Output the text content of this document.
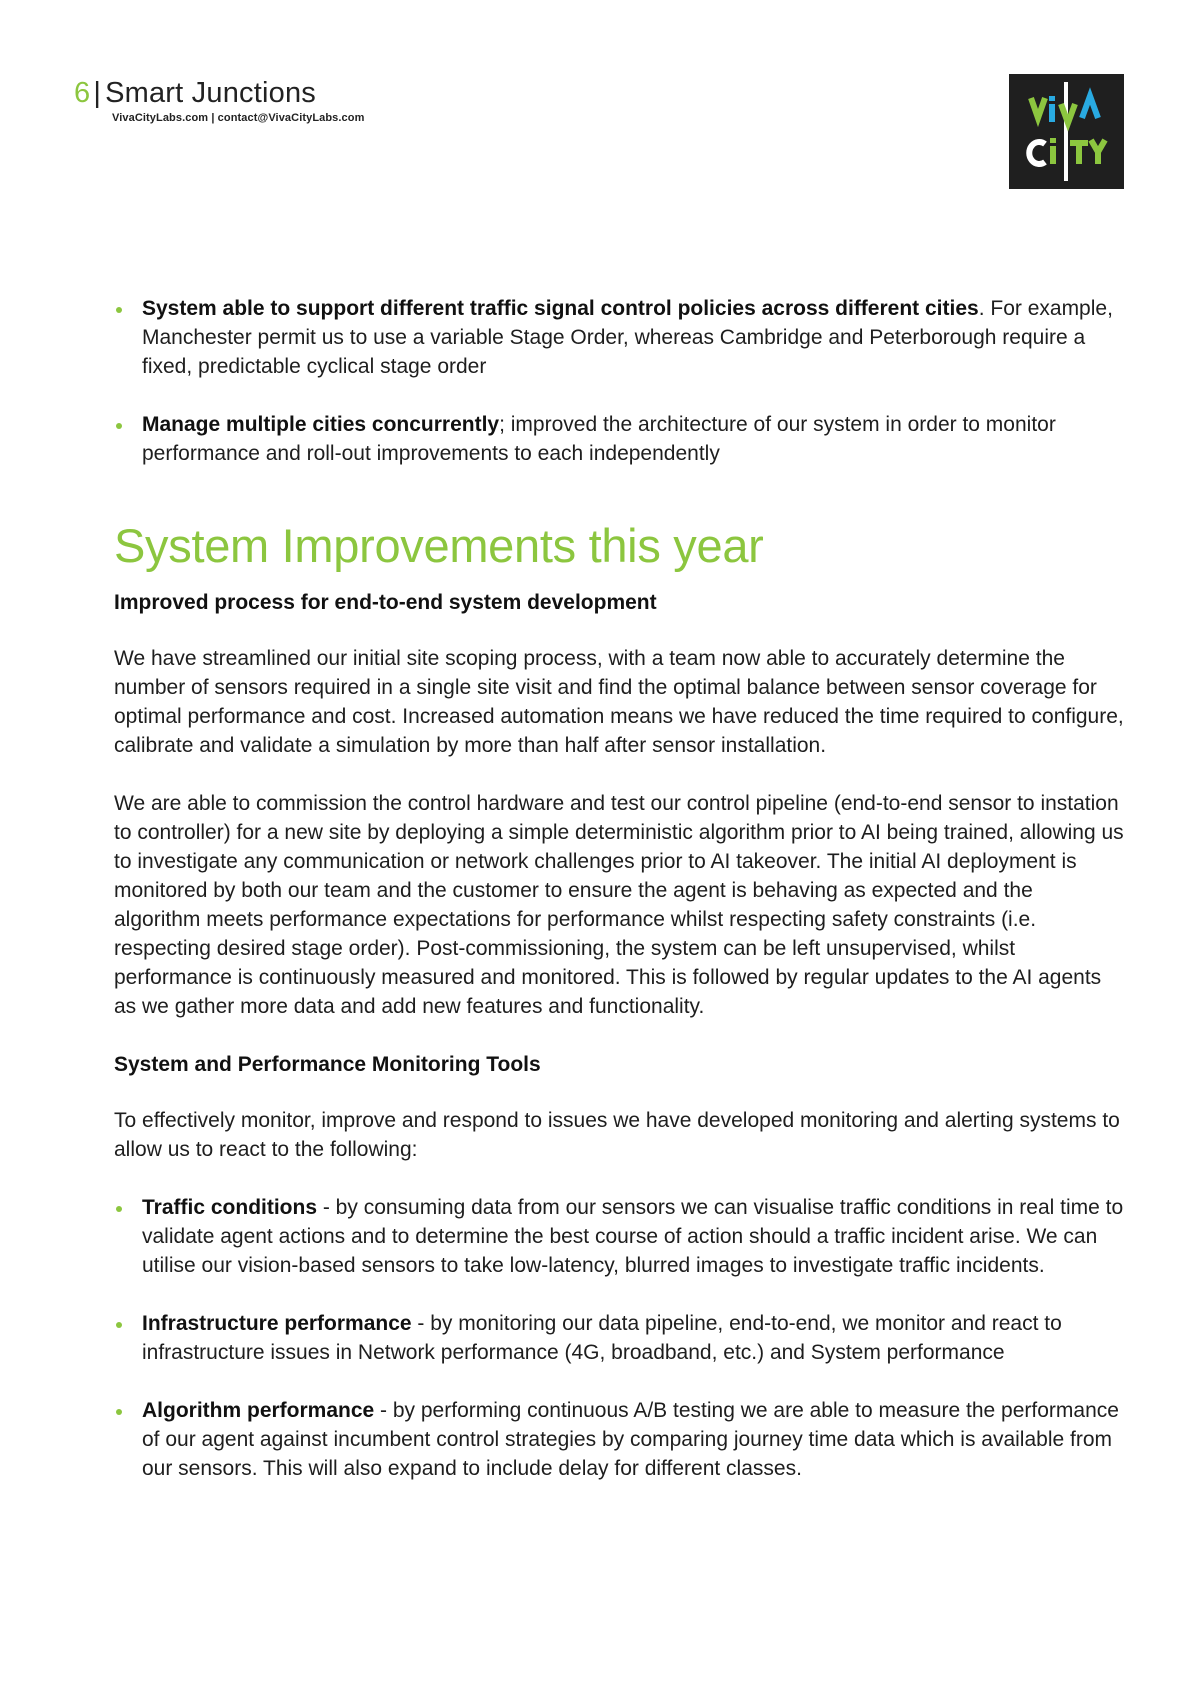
6 | Smart Junctions
VivaCityLabs.com | contact@VivaCityLabs.com
System able to support different traffic signal control policies across different cities. For example, Manchester permit us to use a variable Stage Order, whereas Cambridge and Peterborough require a fixed, predictable cyclical stage order
Manage multiple cities concurrently; improved the architecture of our system in order to monitor performance and roll-out improvements to each independently
System Improvements this year
Improved process for end-to-end system development

We have streamlined our initial site scoping process, with a team now able to accurately determine the number of sensors required in a single site visit and find the optimal balance between sensor coverage for optimal performance and cost. Increased automation means we have reduced the time required to configure, calibrate and validate a simulation by more than half after sensor installation.

We are able to commission the control hardware and test our control pipeline (end-to-end sensor to instation to controller) for a new site by deploying a simple deterministic algorithm prior to AI being trained, allowing us to investigate any communication or network challenges prior to AI takeover. The initial AI deployment is monitored by both our team and the customer to ensure the agent is behaving as expected and the algorithm meets performance expectations for performance whilst respecting safety constraints (i.e. respecting desired stage order). Post-commissioning, the system can be left unsupervised, whilst performance is continuously measured and monitored. This is followed by regular updates to the AI agents as we gather more data and add new features and functionality.

System and Performance Monitoring Tools

To effectively monitor, improve and respond to issues we have developed monitoring and alerting systems to allow us to react to the following:

Traffic conditions - by consuming data from our sensors we can visualise traffic conditions in real time to validate agent actions and to determine the best course of action should a traffic incident arise. We can utilise our vision-based sensors to take low-latency, blurred images to investigate traffic incidents.
Infrastructure performance - by monitoring our data pipeline, end-to-end, we monitor and react to infrastructure issues in Network performance (4G, broadband, etc.) and System performance
Algorithm performance - by performing continuous A/B testing we are able to measure the performance of our agent against incumbent control strategies by comparing journey time data which is available from our sensors. This will also expand to include delay for different classes.
